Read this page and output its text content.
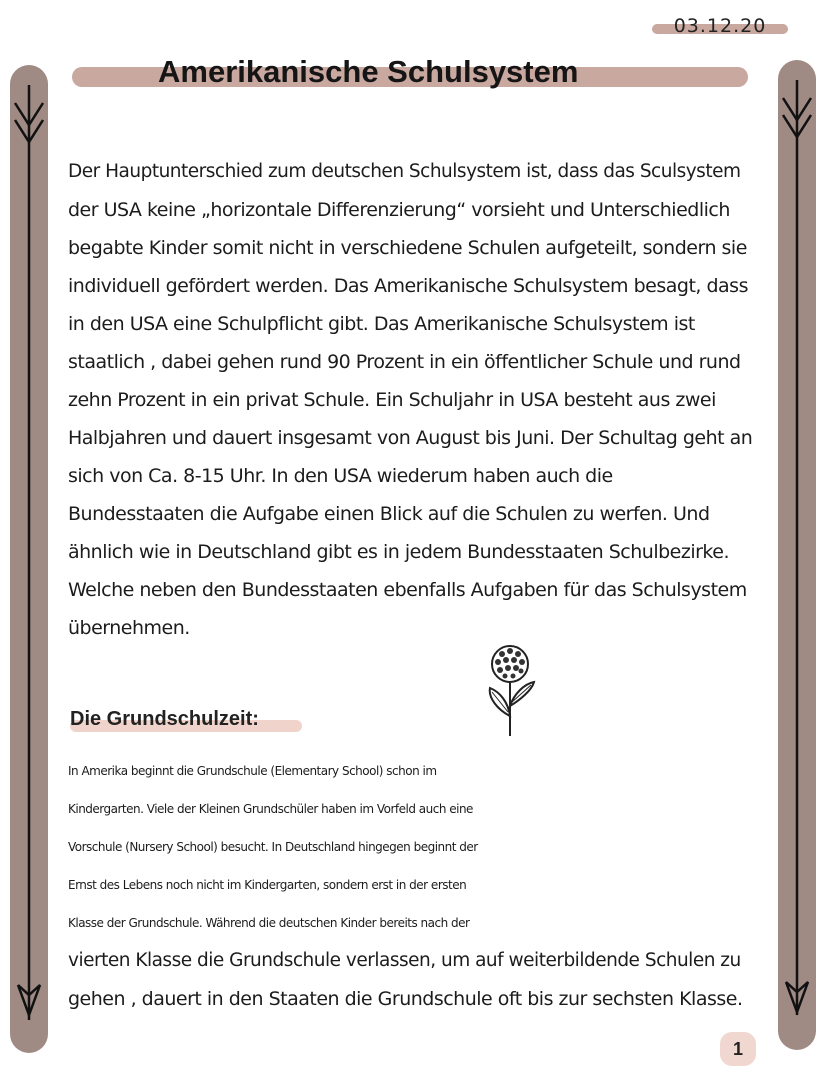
03.12.20
Amerikanische Schulsystem
Der Hauptunterschied zum deutschen Schulsystem ist, dass das Sculsystem
der USA keine „horizontale Differenzierung“ vorsieht und Unterschiedlich
begabte Kinder somit nicht in verschiedene Schulen aufgeteilt, sondern sie
individuell gefördert werden. Das Amerikanische Schulsystem besagt, dass
in den USA eine Schulpflicht gibt. Das Amerikanische Schulsystem ist
staatlich , dabei gehen rund 90 Prozent in ein öffentlicher Schule und rund
zehn Prozent in ein privat Schule. Ein Schuljahr in USA besteht aus zwei
Halbjahren und dauert insgesamt von August bis Juni. Der Schultag geht an
sich von Ca. 8-15 Uhr. In den USA wiederum haben auch die
Bundesstaaten die Aufgabe einen Blick auf die Schulen zu werfen. Und
ähnlich wie in Deutschland gibt es in jedem Bundesstaaten Schulbezirke.
Welche neben den Bundesstaaten ebenfalls Aufgaben für das Schulsystem
übernehmen.
Die Grundschulzeit:
In Amerika beginnt die Grundschule (Elementary School) schon im
Kindergarten. Viele der Kleinen Grundschüler haben im Vorfeld auch eine
Vorschule (Nursery School) besucht. In Deutschland hingegen beginnt der
Ernst des Lebens noch nicht im Kindergarten, sondern erst in der ersten
Klasse der Grundschule. Während die deutschen Kinder bereits nach der
vierten Klasse die Grundschule verlassen, um auf weiterbildende Schulen zu
gehen , dauert in den Staaten die Grundschule oft bis zur sechsten Klasse.
1
